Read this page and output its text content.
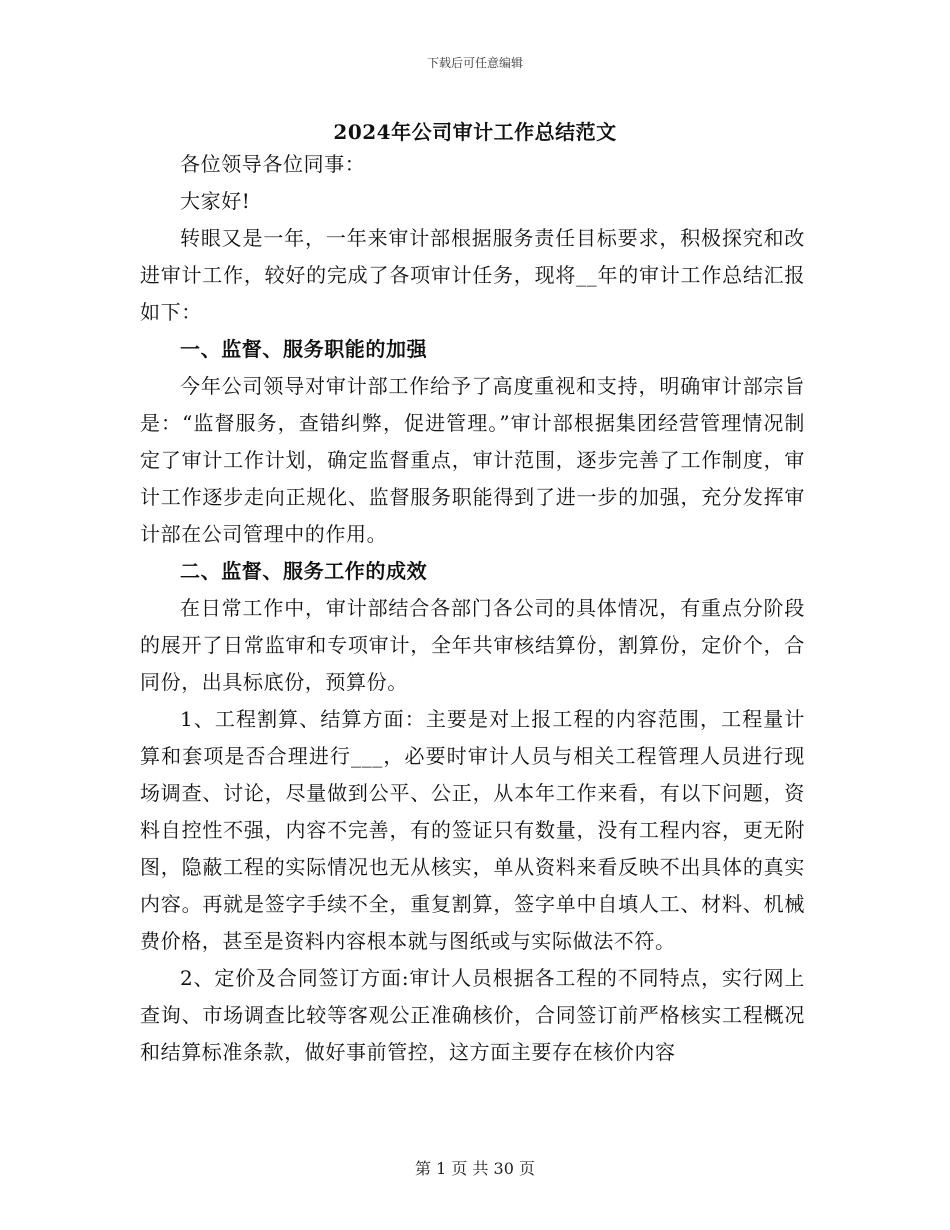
下载后可任意编辑
2024年公司审计工作总结范文

各位领导各位同事：

大家好!

转眼又是一年，一年来审计部根据服务责任目标要求，积极探究和改进审计工作，较好的完成了各项审计任务，现将__年的审计工作总结汇报如下：

一、监督、服务职能的加强

今年公司领导对审计部工作给予了高度重视和支持，明确审计部宗旨是：“监督服务，查错纠弊，促进管理。”审计部根据集团经营管理情况制定了审计工作计划，确定监督重点，审计范围，逐步完善了工作制度，审计工作逐步走向正规化、监督服务职能得到了进一步的加强，充分发挥审计部在公司管理中的作用。

二、监督、服务工作的成效

在日常工作中，审计部结合各部门各公司的具体情况，有重点分阶段的展开了日常监审和专项审计，全年共审核结算份，割算份，定价个，合同份，出具标底份，预算份。

1、工程割算、结算方面：主要是对上报工程的内容范围，工程量计算和套项是否合理进行___，必要时审计人员与相关工程管理人员进行现场调查、讨论，尽量做到公平、公正，从本年工作来看，有以下问题，资料自控性不强，内容不完善，有的签证只有数量，没有工程内容，更无附图，隐蔽工程的实际情况也无从核实，单从资料来看反映不出具体的真实内容。再就是签字手续不全，重复割算，签字单中自填人工、材料、机械费价格，甚至是资料内容根本就与图纸或与实际做法不符。

2、定价及合同签订方面:审计人员根据各工程的不同特点，实行网上查询、市场调查比较等客观公正准确核价，合同签订前严格核实工程概况和结算标准条款，做好事前管控，这方面主要存在核价内容

第 1 页 共 30 页
